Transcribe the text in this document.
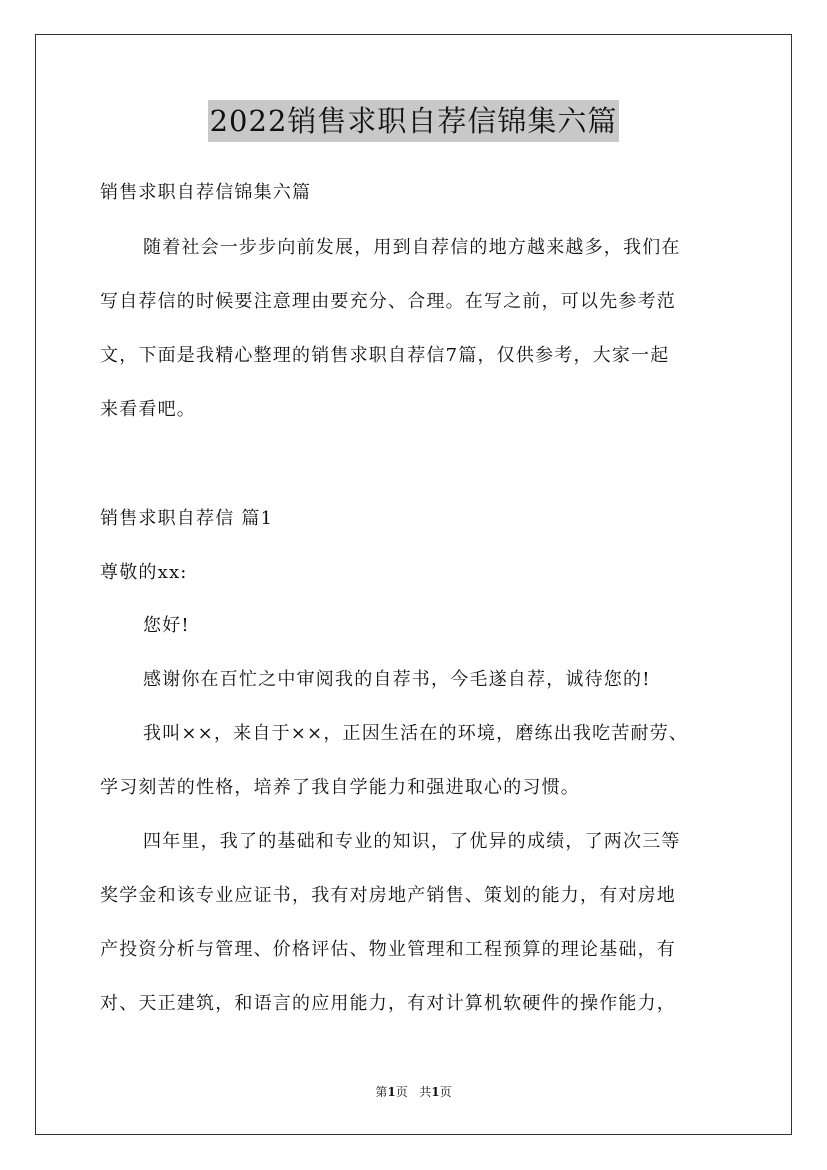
2022销售求职自荐信锦集六篇
销售求职自荐信锦集六篇
随着社会一步步向前发展，用到自荐信的地方越来越多，我们在
写自荐信的时候要注意理由要充分、合理。在写之前，可以先参考范
文，下面是我精心整理的销售求职自荐信7篇，仅供参考，大家一起
来看看吧。
销售求职自荐信 篇1
尊敬的xx:
您好!
感谢你在百忙之中审阅我的自荐书，今毛遂自荐，诚待您的!
我叫××，来自于××，正因生活在的环境，磨练出我吃苦耐劳、
学习刻苦的性格，培养了我自学能力和强进取心的习惯。
四年里，我了的基础和专业的知识，了优异的成绩，了两次三等
奖学金和该专业应证书，我有对房地产销售、策划的能力，有对房地
产投资分析与管理、价格评估、物业管理和工程预算的理论基础，有
对、天正建筑，和语言的应用能力，有对计算机软硬件的操作能力，
第1页 共1页
